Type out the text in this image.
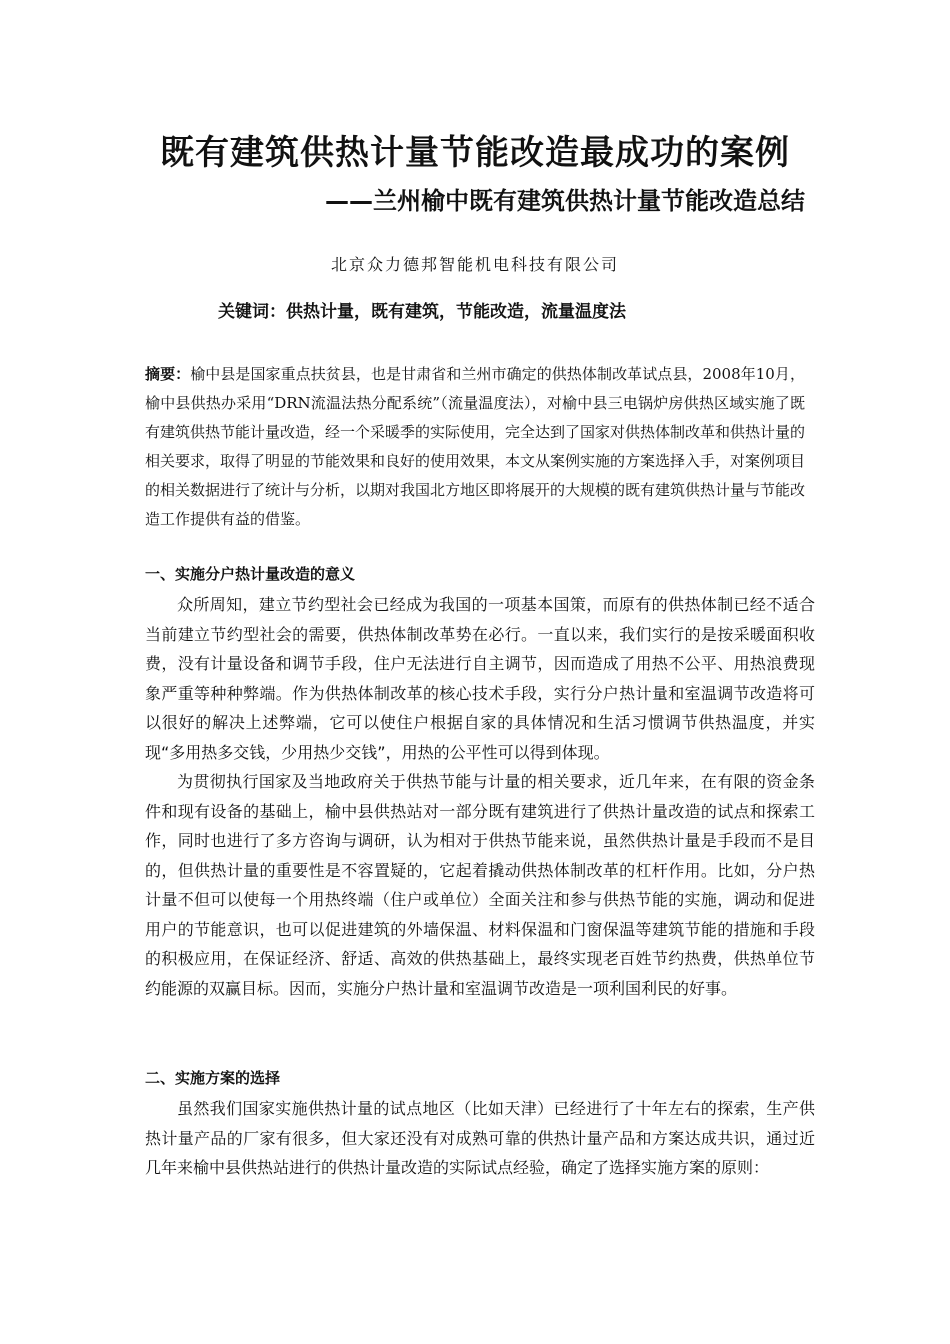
既有建筑供热计量节能改造最成功的案例
——兰州榆中既有建筑供热计量节能改造总结

北京众力德邦智能机电科技有限公司

关键词：供热计量，既有建筑，节能改造，流量温度法

摘要：榆中县是国家重点扶贫县，也是甘肃省和兰州市确定的供热体制改革试点县，2008年10月，榆中县供热办采用“DRN流温法热分配系统”（流量温度法），对榆中县三电锅炉房供热区域实施了既有建筑供热节能计量改造，经一个采暖季的实际使用，完全达到了国家对供热体制改革和供热计量的相关要求，取得了明显的节能效果和良好的使用效果，本文从案例实施的方案选择入手，对案例项目的相关数据进行了统计与分析，以期对我国北方地区即将展开的大规模的既有建筑供热计量与节能改造工作提供有益的借鉴。

一、实施分户热计量改造的意义

众所周知，建立节约型社会已经成为我国的一项基本国策，而原有的供热体制已经不适合当前建立节约型社会的需要，供热体制改革势在必行。一直以来，我们实行的是按采暖面积收费，没有计量设备和调节手段，住户无法进行自主调节，因而造成了用热不公平、用热浪费现象严重等种种弊端。作为供热体制改革的核心技术手段，实行分户热计量和室温调节改造将可以很好的解决上述弊端，它可以使住户根据自家的具体情况和生活习惯调节供热温度，并实现“多用热多交钱，少用热少交钱”，用热的公平性可以得到体现。

为贯彻执行国家及当地政府关于供热节能与计量的相关要求，近几年来，在有限的资金条件和现有设备的基础上，榆中县供热站对一部分既有建筑进行了供热计量改造的试点和探索工作，同时也进行了多方咨询与调研，认为相对于供热节能来说，虽然供热计量是手段而不是目的，但供热计量的重要性是不容置疑的，它起着撬动供热体制改革的杠杆作用。比如，分户热计量不但可以使每一个用热终端（住户或单位）全面关注和参与供热节能的实施，调动和促进用户的节能意识，也可以促进建筑的外墙保温、材料保温和门窗保温等建筑节能的措施和手段的积极应用，在保证经济、舒适、高效的供热基础上，最终实现老百姓节约热费，供热单位节约能源的双赢目标。因而，实施分户热计量和室温调节改造是一项利国利民的好事。

二、实施方案的选择

虽然我们国家实施供热计量的试点地区（比如天津）已经进行了十年左右的探索，生产供热计量产品的厂家有很多，但大家还没有对成熟可靠的供热计量产品和方案达成共识，通过近几年来榆中县供热站进行的供热计量改造的实际试点经验，确定了选择实施方案的原则：
